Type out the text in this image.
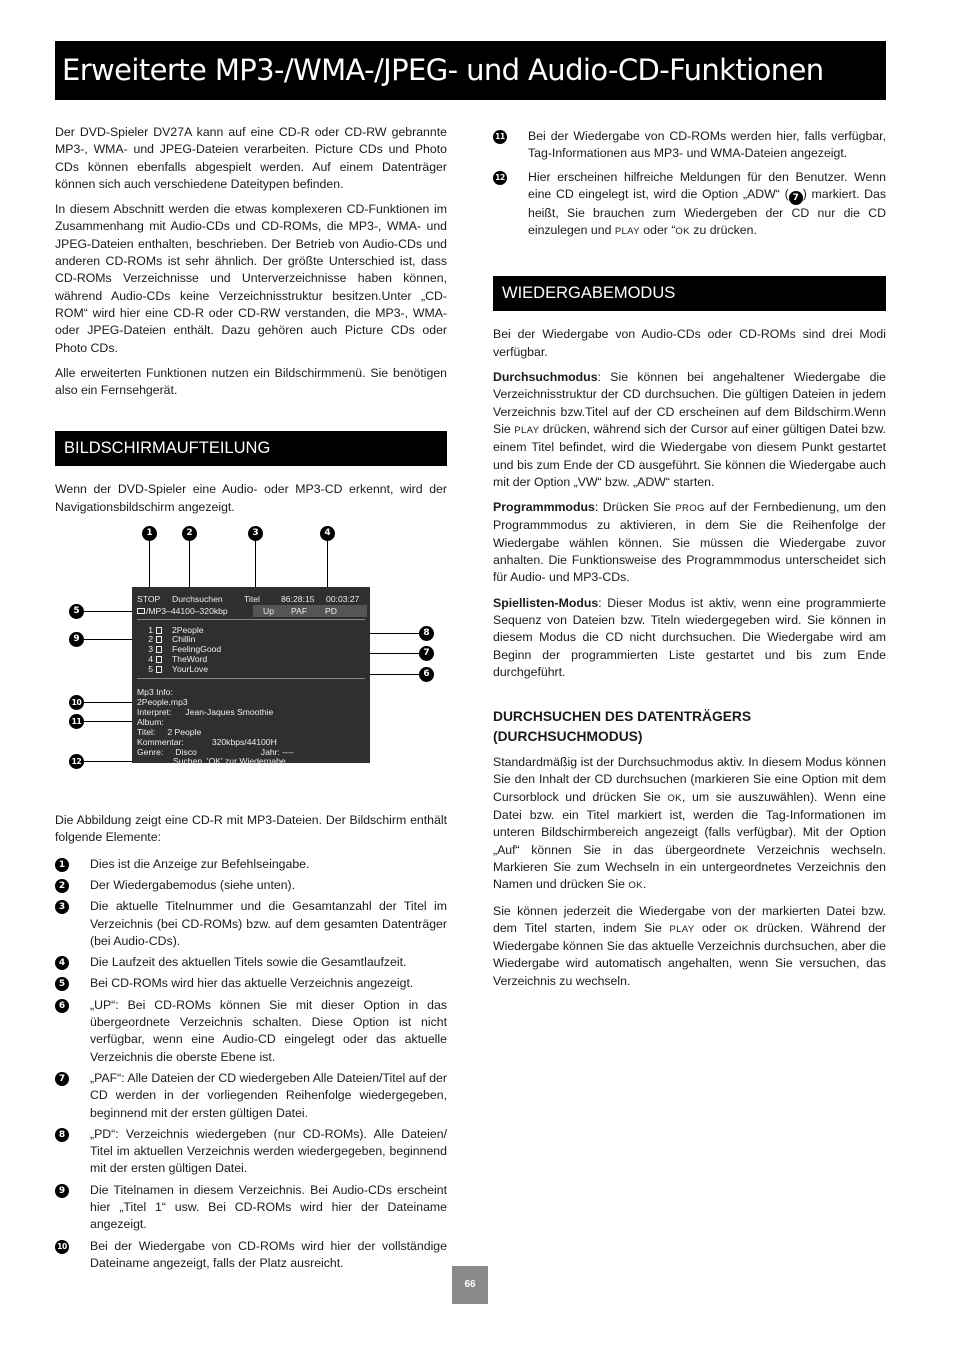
Erweiterte MP3-/WMA-/JPEG- und Audio-CD-Funktionen

Der DVD-Spieler DV27A kann auf eine CD-R oder CD-RW gebrannte MP3-, WMA- und JPEG-Dateien verarbeiten. Picture CDs und Photo CDs können ebenfalls abgespielt werden. Auf einem Datenträger können sich auch verschiedene Dateitypen befinden.

In diesem Abschnitt werden die etwas komplexeren CD-Funktionen im Zusammenhang mit Audio-CDs und CD-ROMs, die MP3-, WMA- und JPEG-Dateien enthalten, beschrieben. Der Betrieb von Audio-CDs und anderen CD-ROMs ist sehr ähnlich. Der größte Unterschied ist, dass CD-ROMs Verzeichnisse und Unterverzeichnisse haben können, während Audio-CDs keine Verzeichnisstruktur besitzen.Unter „CD-ROM“ wird hier eine CD-R oder CD-RW verstanden, die MP3-, WMA- oder JPEG-Dateien enthält. Dazu gehören auch Picture CDs oder Photo CDs.

Alle erweiterten Funktionen nutzen ein Bildschirmmenü. Sie benötigen also ein Fernsehgerät.

BILDSCHIRMAUFTEILUNG

Wenn der DVD-Spieler eine Audio- oder MP3-CD erkennt, wird der Navigationsbildschirm angezeigt.

1	2	3	4
5
9
10
11
12
8
7
6
STOP Durchsuchen Titel 86:28:15 00:03:27
/MP3–44100–320kbp	Up PAF PD
1 2People
2 Chillin
3 FeelingGood
4 TheWord
5 YourLove
Mp3 Info:
2People.mp3
Interpret: Jean-Jaques Smoothie
Album:
Titel: 2 People
Kommentar:	320kbps/44100H
Genre: Disco	Jahr: ----
Suchen, 'OK' zur Wiedergabe

Die Abbildung zeigt eine CD-R mit MP3-Dateien. Der Bildschirm enthält folgende Elemente:

1	Dies ist die Anzeige zur Befehlseingabe.
2	Der Wiedergabemodus (siehe unten).
3	Die aktuelle Titelnummer und die Gesamtanzahl der Titel im Verzeichnis (bei CD-ROMs) bzw. auf dem gesamten Datenträger (bei Audio-CDs).
4	Die Laufzeit des aktuellen Titels sowie die Gesamtlaufzeit.
5	Bei CD-ROMs wird hier das aktuelle Verzeichnis angezeigt.
6	„UP“: Bei CD-ROMs können Sie mit dieser Option in das übergeordnete Verzeichnis schalten. Diese Option ist nicht verfügbar, wenn eine Audio-CD eingelegt oder das aktuelle Verzeichnis die oberste Ebene ist.
7	„PAF“: Alle Dateien der CD wiedergeben Alle Dateien/Titel auf der CD werden in der vorliegenden Reihenfolge wiedergegeben, beginnend mit der ersten gültigen Datei.
8	„PD“: Verzeichnis wiedergeben (nur CD-ROMs). Alle Dateien/ Titel im aktuellen Verzeichnis werden wiedergegeben, beginnend mit der ersten gültigen Datei.
9	Die Titelnamen in diesem Verzeichnis. Bei Audio-CDs erscheint hier „Titel 1“ usw. Bei CD-ROMs wird hier der Dateiname angezeigt.
10 Bei der Wiedergabe von CD-ROMs wird hier der vollständige Dateiname angezeigt, falls der Platz ausreicht.
11 Bei der Wiedergabe von CD-ROMs werden hier, falls verfügbar, Tag-Informationen aus MP3- und WMA-Dateien angezeigt.
12 Hier erscheinen hilfreiche Meldungen für den Benutzer. Wenn eine CD eingelegt ist, wird die Option „ADW“ ( 7 ) markiert. Das heißt, Sie brauchen zum Wiedergeben der CD nur die CD einzulegen und PLAY oder “OK zu drücken.
WIEDERGABEMODUS

Bei der Wiedergabe von Audio-CDs oder CD-ROMs sind drei Modi verfügbar.

Durchsuchmodus: Sie können bei angehaltener Wiedergabe die Verzeichnisstruktur der CD durchsuchen. Die gültigen Dateien in jedem Verzeichnis bzw.Titel auf der CD erscheinen auf dem Bildschirm.Wenn Sie PLAY drücken, während sich der Cursor auf einer gültigen Datei bzw. einem Titel befindet, wird die Wiedergabe von diesem Punkt gestartet und bis zum Ende der CD ausgeführt. Sie können die Wiedergabe auch mit der Option „VW“ bzw. „ADW“ starten.

Programmmodus: Drücken Sie PROG auf der Fernbedienung, um den Programmmodus zu aktivieren, in dem Sie die Reihenfolge der Wiedergabe wählen können. Sie müssen die Wiedergabe zuvor anhalten. Die Funktionsweise des Programmmodus unterscheidet sich für Audio- und MP3-CDs.

Spiellisten-Modus: Dieser Modus ist aktiv, wenn eine programmierte Sequenz von Dateien bzw. Titeln wiedergegeben wird. Sie können in diesem Modus die CD nicht durchsuchen. Die Wiedergabe wird am Beginn der programmierten Liste gestartet und bis zum Ende durchgeführt.

DURCHSUCHEN DES DATENTRÄGERS
(DURCHSUCHMODUS)

Standardmäßig ist der Durchsuchmodus aktiv. In diesem Modus können Sie den Inhalt der CD durchsuchen (markieren Sie eine Option mit dem Cursorblock und drücken Sie OK, um sie auszuwählen). Wenn eine Datei bzw. ein Titel markiert ist, werden die Tag-Informationen im unteren Bildschirmbereich angezeigt (falls verfügbar). Mit der Option „Auf“ können Sie in das übergeordnete Verzeichnis wechseln. Markieren Sie zum Wechseln in ein untergeordnetes Verzeichnis den Namen und drücken Sie OK.

Sie können jederzeit die Wiedergabe von der markierten Datei bzw. dem Titel starten, indem Sie PLAY oder OK drücken. Während der Wiedergabe können Sie das aktuelle Verzeichnis durchsuchen, aber die Wiedergabe wird automatisch angehalten, wenn Sie versuchen, das Verzeichnis zu wechseln.

66
